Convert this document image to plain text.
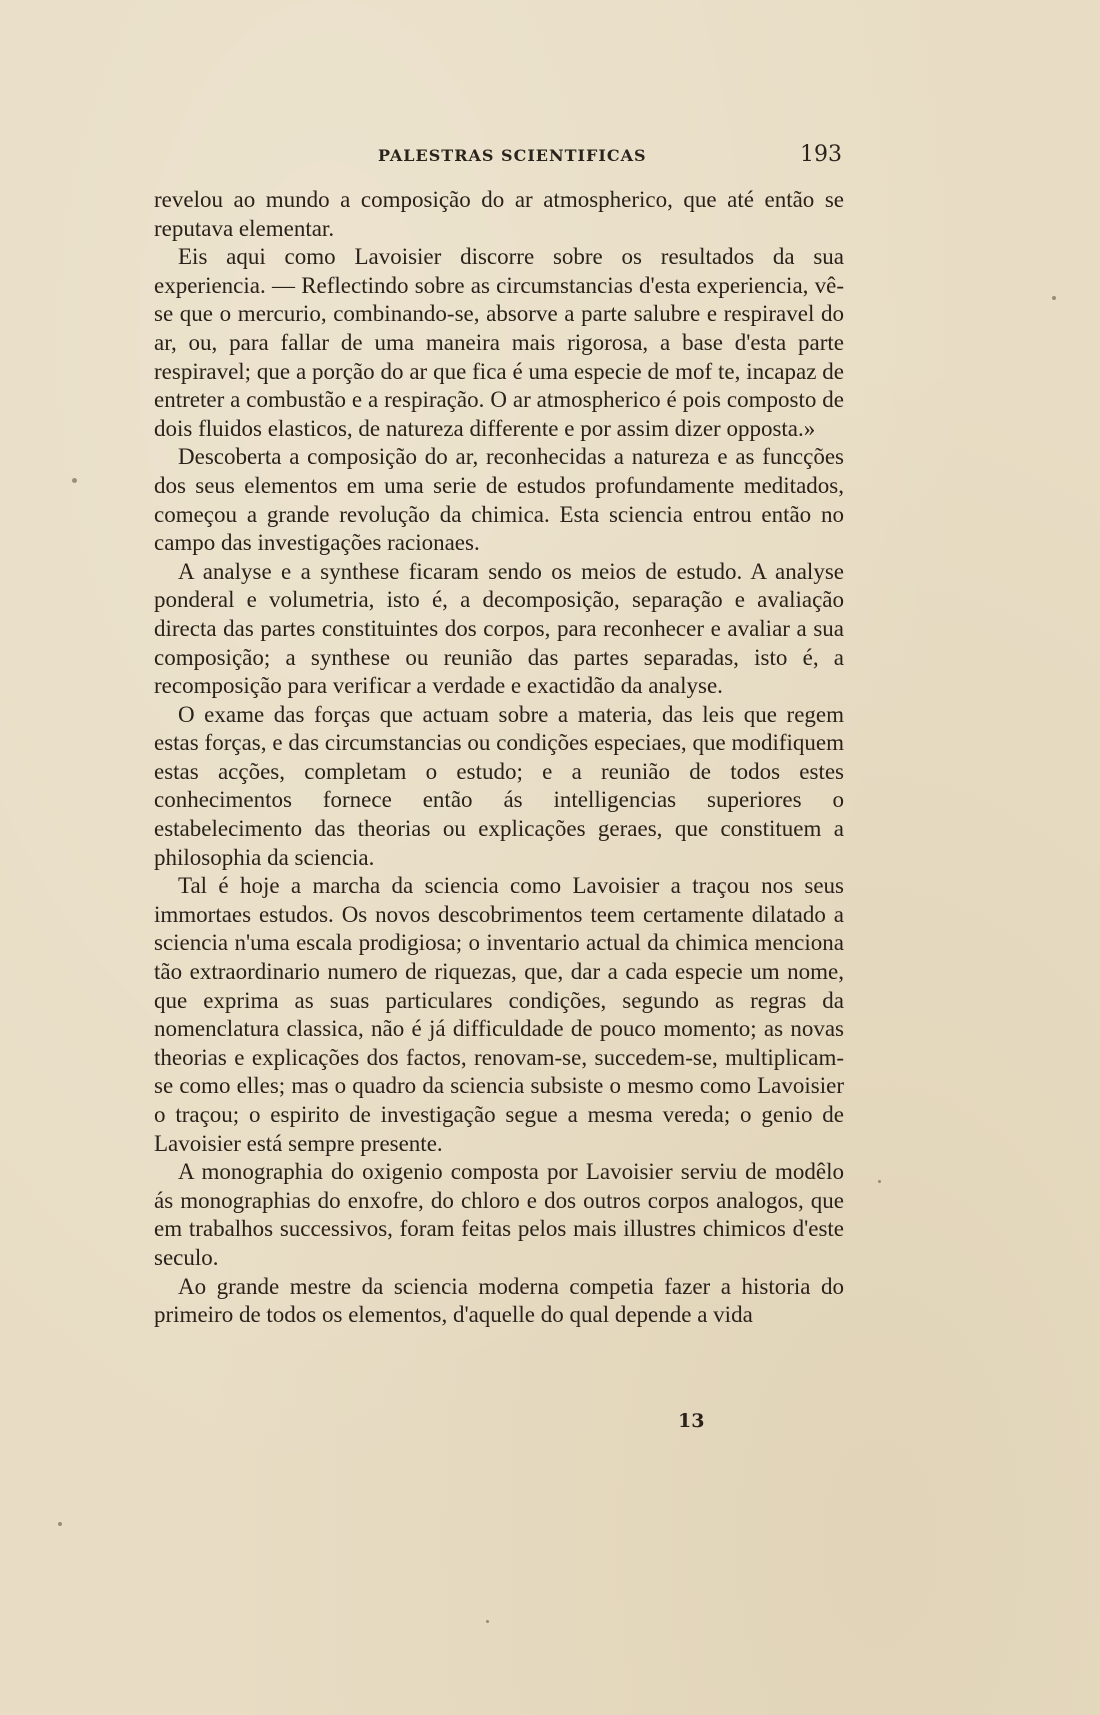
PALESTRAS SCIENTIFICAS	193

revelou ao mundo a composição do ar atmospherico, que até então se reputava elementar.

Eis aqui como Lavoisier discorre sobre os resultados da sua experiencia. — Reflectindo sobre as circumstancias d'esta experiencia, vê-se que o mercurio, combinando-se, absorve a parte salubre e respiravel do ar, ou, para fallar de uma maneira mais rigorosa, a base d'esta parte respiravel; que a porção do ar que fica é uma especie de mof te, incapaz de entreter a combustão e a respiração. O ar atmospherico é pois composto de dois fluidos elasticos, de natureza differente e por assim dizer opposta.»

Descoberta a composição do ar, reconhecidas a natureza e as funcções dos seus elementos em uma serie de estudos profundamente meditados, começou a grande revolução da chimica. Esta sciencia entrou então no campo das investigações racionaes.

A analyse e a synthese ficaram sendo os meios de estudo. A analyse ponderal e volumetria, isto é, a decomposição, separação e avaliação directa das partes constituintes dos corpos, para reconhecer e avaliar a sua composição; a synthese ou reunião das partes separadas, isto é, a recomposição para verificar a verdade e exactidão da analyse.

O exame das forças que actuam sobre a materia, das leis que regem estas forças, e das circumstancias ou condições especiaes, que modifiquem estas acções, completam o estudo; e a reunião de todos estes conhecimentos fornece então ás intelligencias superiores o estabelecimento das theorias ou explicações geraes, que constituem a philosophia da sciencia.

Tal é hoje a marcha da sciencia como Lavoisier a traçou nos seus immortaes estudos. Os novos descobrimentos teem certamente dilatado a sciencia n'uma escala prodigiosa; o inventario actual da chimica menciona tão extraordinario numero de riquezas, que, dar a cada especie um nome, que exprima as suas particulares condições, segundo as regras da nomenclatura classica, não é já difficuldade de pouco momento; as novas theorias e explicações dos factos, renovam-se, succedem-se, multiplicam-se como elles; mas o quadro da sciencia subsiste o mesmo como Lavoisier o traçou; o espirito de investigação segue a mesma vereda; o genio de Lavoisier está sempre presente.

A monographia do oxigenio composta por Lavoisier serviu de modêlo ás monographias do enxofre, do chloro e dos outros corpos analogos, que em trabalhos successivos, foram feitas pelos mais illustres chimicos d'este seculo.

Ao grande mestre da sciencia moderna competia fazer a historia do primeiro de todos os elementos, d'aquelle do qual depende a vida

13
